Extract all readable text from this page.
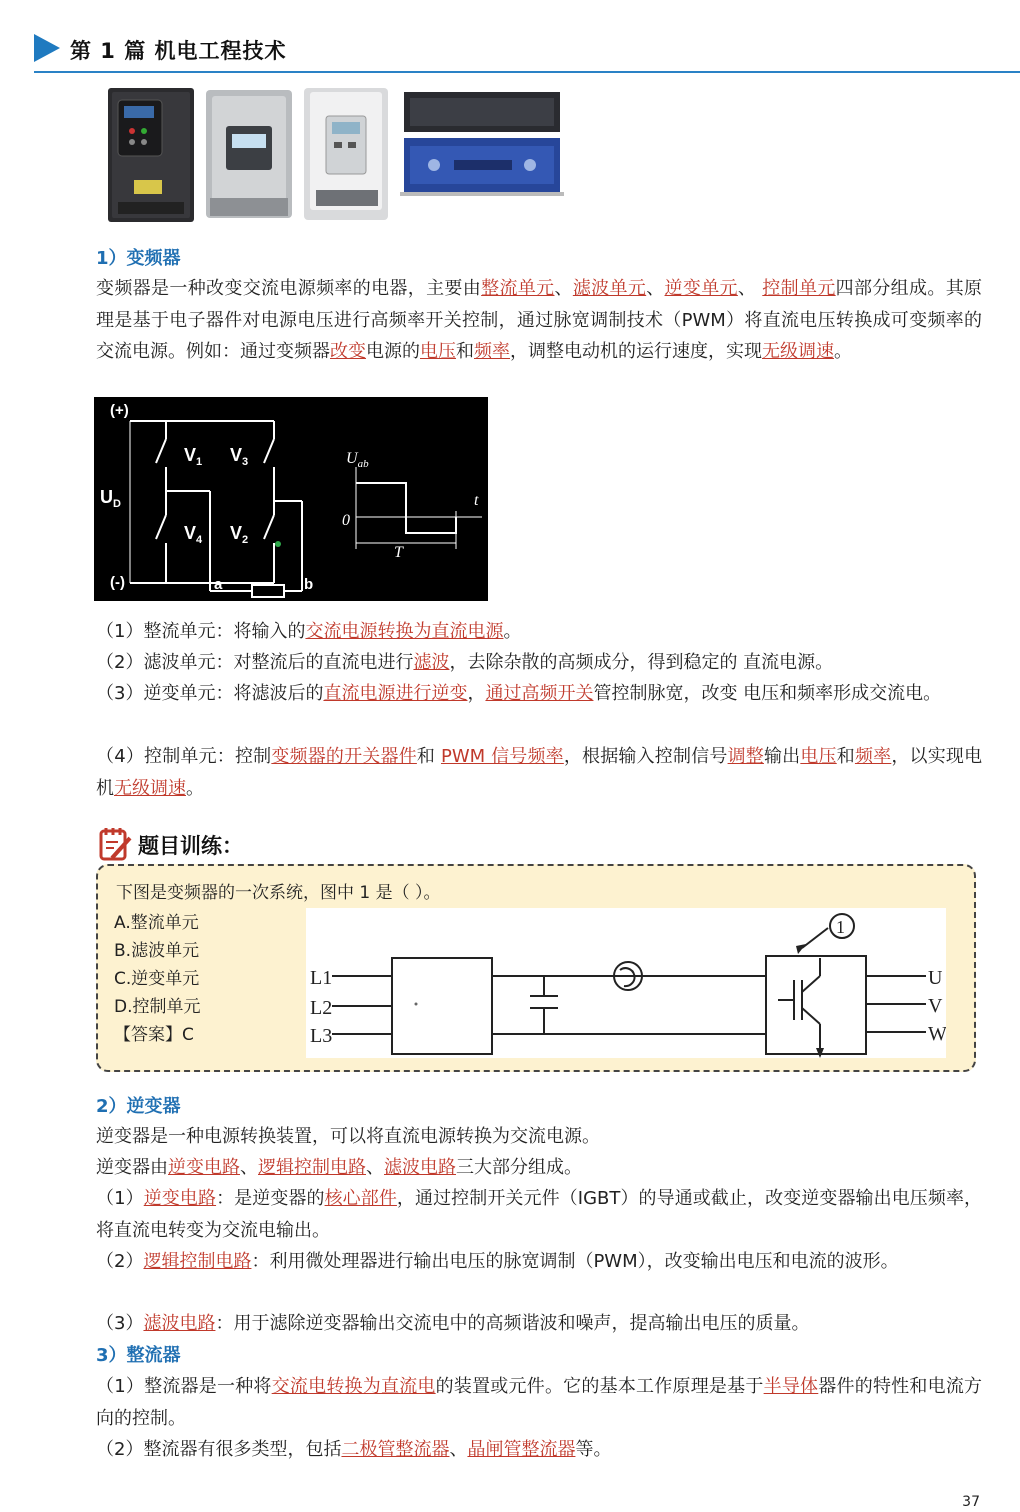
第 1 篇 机电工程技术
1）变频器
变频器是一种改变交流电源频率的电器，主要由整流单元、滤波单元、逆变单元、 控制单元四部分组成。其原理是基于电子器件对电源电压进行高频率开关控制，通过脉宽调制技术（PWM）将直流电压转换成可变频率的交流电源。例如：通过变频器改变电源的电压和频率，调整电动机的运行速度，实现无级调速。
(+)
(-)
$U_D$
$V_1$ $V_3$
$V_4$ $V_2$
a	b
$U_{ab}$
0
t
T
（1）整流单元：将输入的交流电源转换为直流电源。
（2）滤波单元：对整流后的直流电进行滤波，去除杂散的高频成分，得到稳定的 直流电源。
（3）逆变单元：将滤波后的直流电源进行逆变，通过高频开关管控制脉宽，改变 电压和频率形成交流电。
（4）控制单元：控制变频器的开关器件和 PWM 信号频率，根据输入控制信号调整输出电压和频率，以实现电机无级调速。
题目训练：
下图是变频器的一次系统，图中 1 是（ ）。
A.整流单元
B.滤波单元
C.逆变单元
D.控制单元
【答案】C
L1
L2
L3
U
V
W
1
2）逆变器
逆变器是一种电源转换装置，可以将直流电源转换为交流电源。
逆变器由逆变电路、逻辑控制电路、滤波电路三大部分组成。
（1）逆变电路：是逆变器的核心部件，通过控制开关元件（IGBT）的导通或截止，改变逆变器输出电压频率，将直流电转变为交流电输出。
（2）逻辑控制电路：利用微处理器进行输出电压的脉宽调制（PWM），改变输出电压和电流的波形。
（3）滤波电路：用于滤除逆变器输出交流电中的高频谐波和噪声，提高输出电压的质量。
3）整流器
（1）整流器是一种将交流电转换为直流电的装置或元件。它的基本工作原理是基于半导体器件的特性和电流方向的控制。
（2）整流器有很多类型，包括二极管整流器、晶闸管整流器等。
37
